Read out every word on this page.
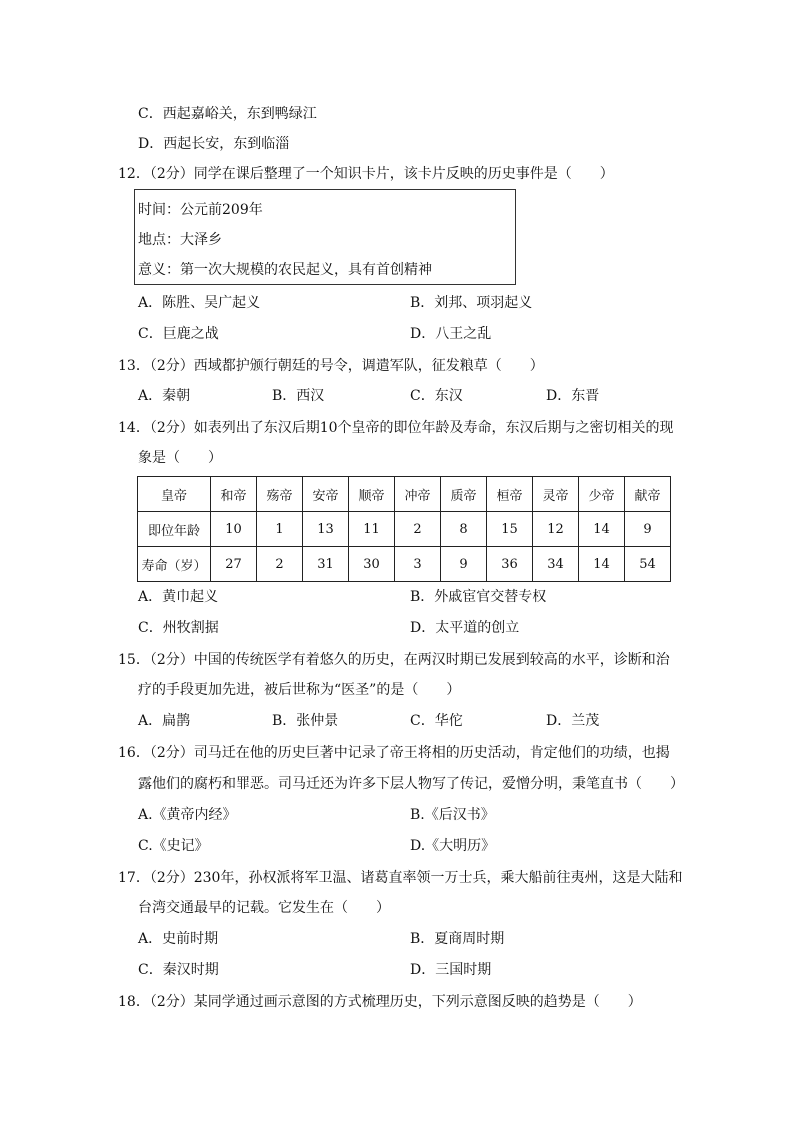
C．西起嘉峪关，东到鸭绿江
D．西起长安，东到临淄
12．（2分）同学在课后整理了一个知识卡片，该卡片反映的历史事件是（　　）
时间：公元前209年
地点：大泽乡
意义：第一次大规模的农民起义，具有首创精神
A．陈胜、吴广起义	B．刘邦、项羽起义
C．巨鹿之战	D．八王之乱
13．（2分）西域都护颁行朝廷的号令，调遣军队，征发粮草（　　）
A．秦朝	B．西汉	C．东汉	D．东晋
14．（2分）如表列出了东汉后期10个皇帝的即位年龄及寿命，东汉后期与之密切相关的现
象是（　　）
皇帝	和帝	殇帝	安帝	顺帝	冲帝	质帝	桓帝	灵帝	少帝	献帝
即位年龄	10	1	13	11	2	8	15	12	14	9
寿命（岁）	27	2	31	30	3	9	36	34	14	54
A．黄巾起义	B．外戚宦官交替专权
C．州牧割据	D．太平道的创立
15．（2分）中国的传统医学有着悠久的历史，在两汉时期已发展到较高的水平，诊断和治
疗的手段更加先进，被后世称为“医圣”的是（　　）
A．扁鹊	B．张仲景	C．华佗	D．兰茂
16．（2分）司马迁在他的历史巨著中记录了帝王将相的历史活动，肯定他们的功绩，也揭
露他们的腐朽和罪恶。司马迁还为许多下层人物写了传记，爱憎分明，秉笔直书（　　）
A.《黄帝内经》	B.《后汉书》
C.《史记》	D.《大明历》
17．（2分）230年，孙权派将军卫温、诸葛直率领一万士兵，乘大船前往夷州，这是大陆和
台湾交通最早的记载。它发生在（　　）
A．史前时期	B．夏商周时期
C．秦汉时期	D．三国时期
18．（2分）某同学通过画示意图的方式梳理历史，下列示意图反映的趋势是（　　）
